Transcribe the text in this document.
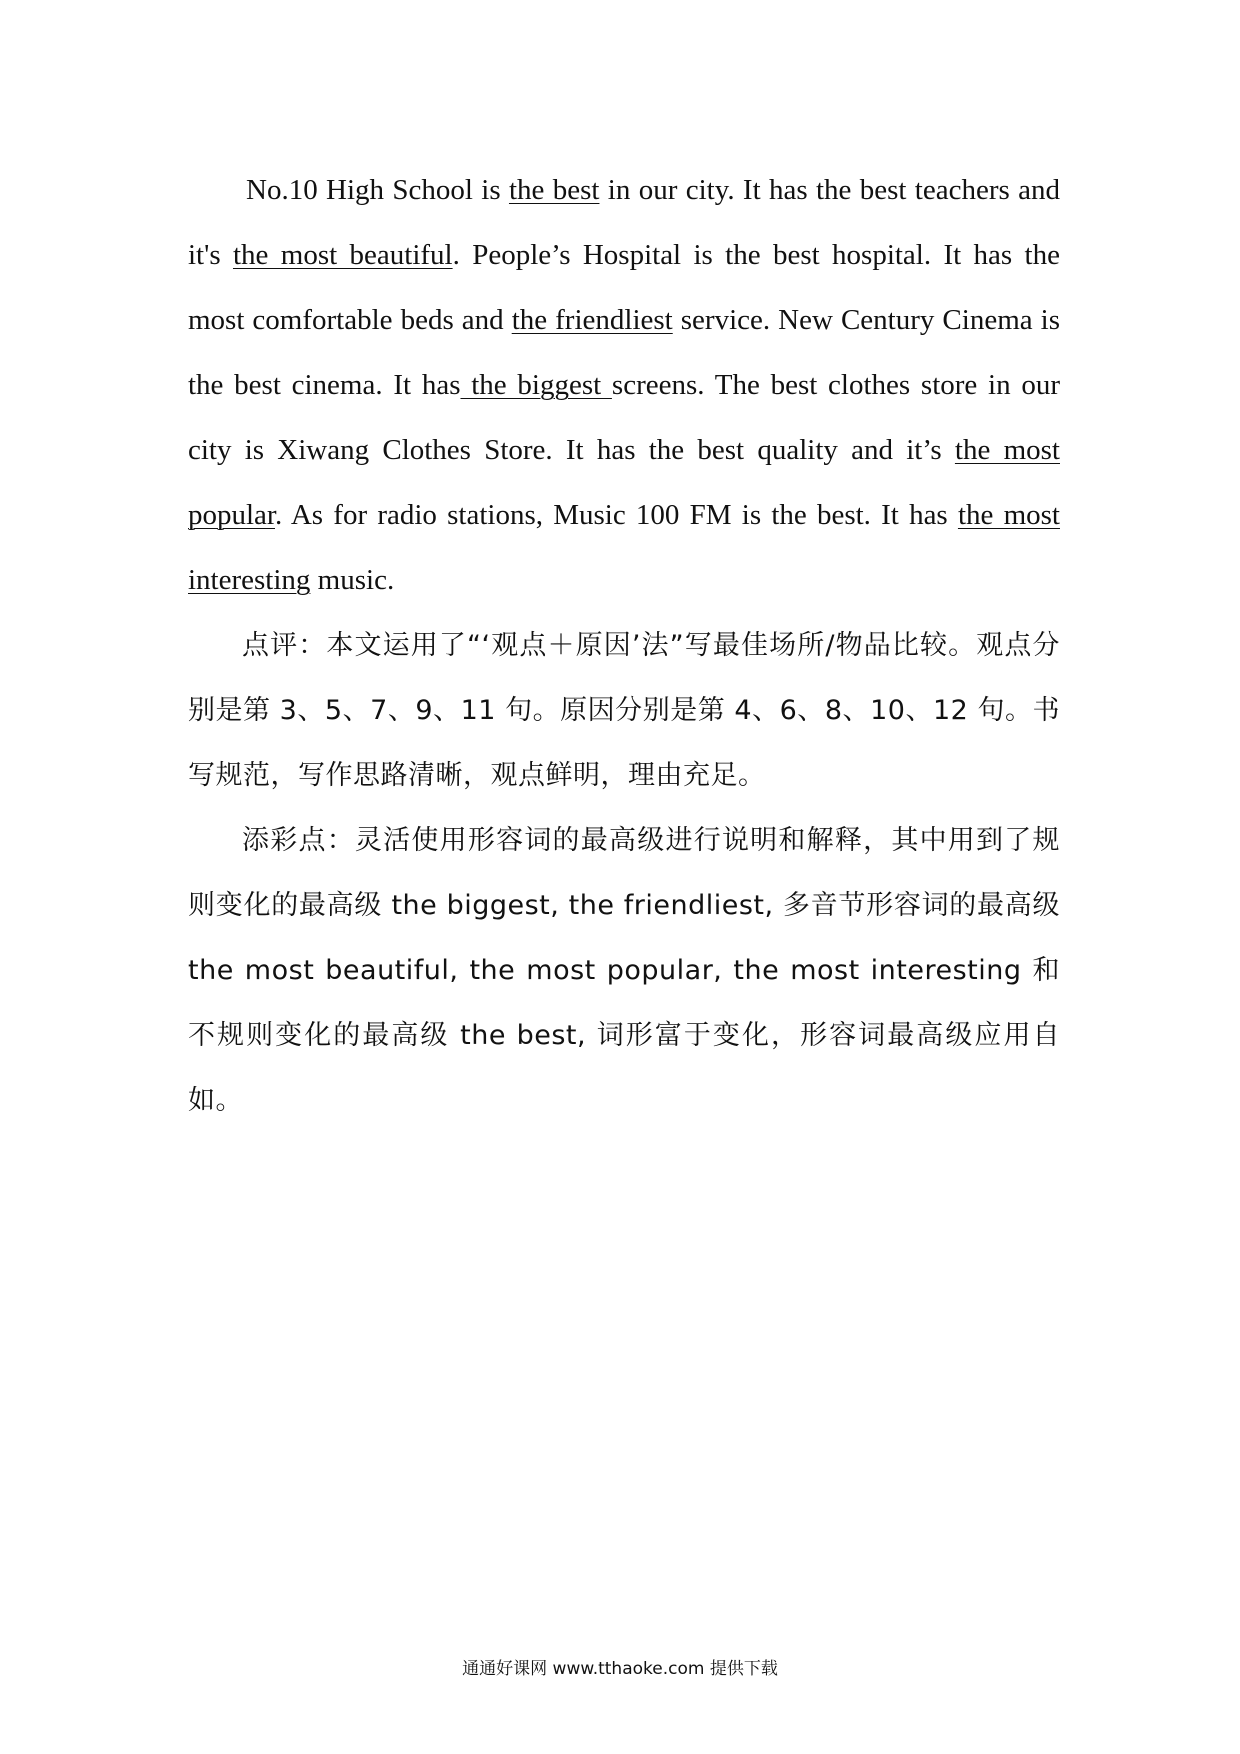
No.10 High School is the best in our city. It has the best teachers and it's the most beautiful. People’s Hospital is the best hospital. It has the most comfortable beds and the friendliest service. New Century Cinema is the best cinema. It has the biggest screens. The best clothes store in our city is Xiwang Clothes Store. It has the best quality and it’s the most popular. As for radio stations, Music 100 FM is the best. It has the most interesting music.

点评：本文运用了“‘观点＋原因’法”写最佳场所/物品比较。观点分别是第 3、5、7、9、11 句。原因分别是第 4、6、8、10、12 句。书写规范，写作思路清晰，观点鲜明，理由充足。

添彩点：灵活使用形容词的最高级进行说明和解释，其中用到了规则变化的最高级 the biggest, the friendliest, 多音节形容词的最高级 the most beautiful, the most popular, the most interesting 和不规则变化的最高级 the best, 词形富于变化，形容词最高级应用自如。

通通好课网 www.tthaoke.com 提供下载
